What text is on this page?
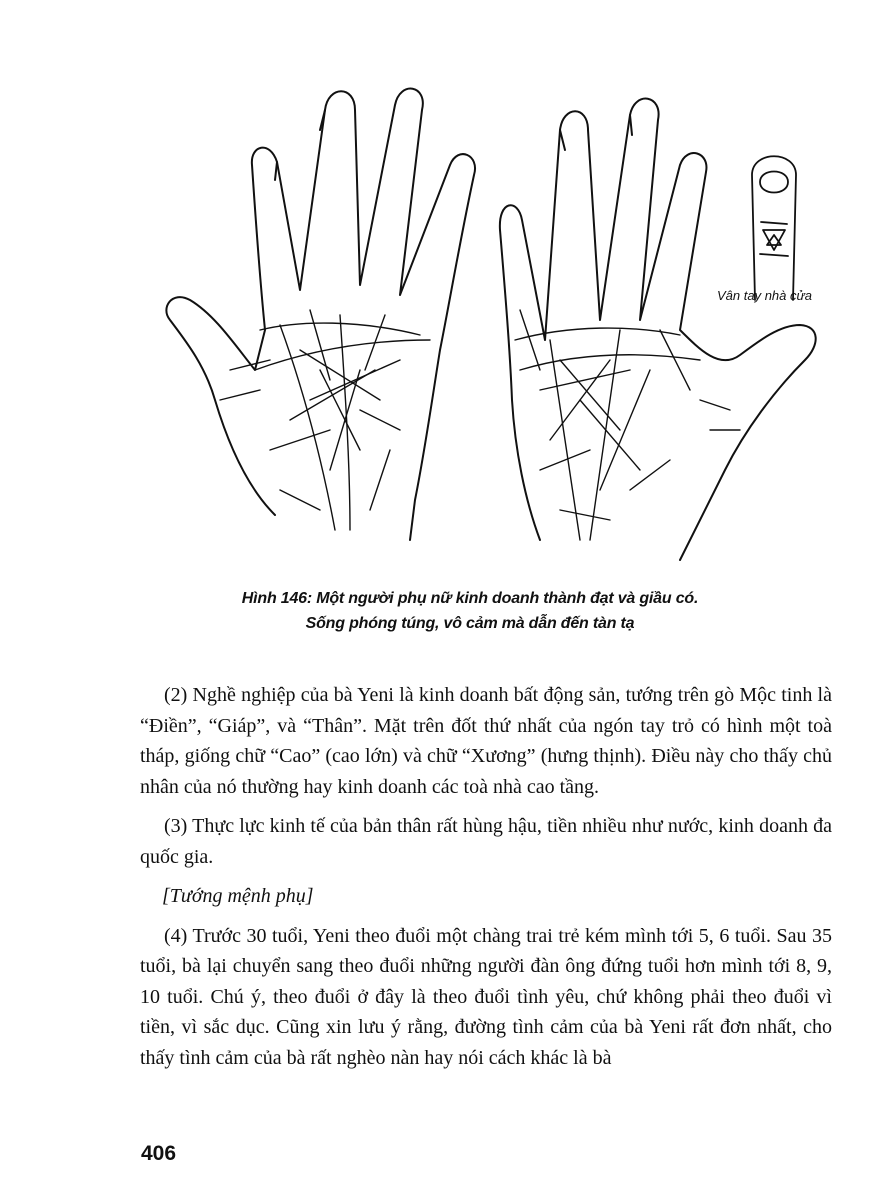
Vân tay nhà cửa
Hình 146: Một người phụ nữ kinh doanh thành đạt và giầu có.
Sống phóng túng, vô cảm mà dẫn đến tàn tạ

(2) Nghề nghiệp của bà Yeni là kinh doanh bất động sản, tướng trên gò Mộc tinh là “Điền”, “Giáp”, và “Thân”. Mặt trên đốt thứ nhất của ngón tay trỏ có hình một toà tháp, giống chữ “Cao” (cao lớn) và chữ “Xương” (hưng thịnh). Điều này cho thấy chủ nhân của nó thường hay kinh doanh các toà nhà cao tầng.

(3) Thực lực kinh tế của bản thân rất hùng hậu, tiền nhiều như nước, kinh doanh đa quốc gia.

[Tướng mệnh phụ]

(4) Trước 30 tuổi, Yeni theo đuổi một chàng trai trẻ kém mình tới 5, 6 tuổi. Sau 35 tuổi, bà lại chuyển sang theo đuổi những người đàn ông đứng tuổi hơn mình tới 8, 9, 10 tuổi. Chú ý, theo đuổi ở đây là theo đuổi tình yêu, chứ không phải theo đuổi vì tiền, vì sắc dục. Cũng xin lưu ý rằng, đường tình cảm của bà Yeni rất đơn nhất, cho thấy tình cảm của bà rất nghèo nàn hay nói cách khác là bà

406
